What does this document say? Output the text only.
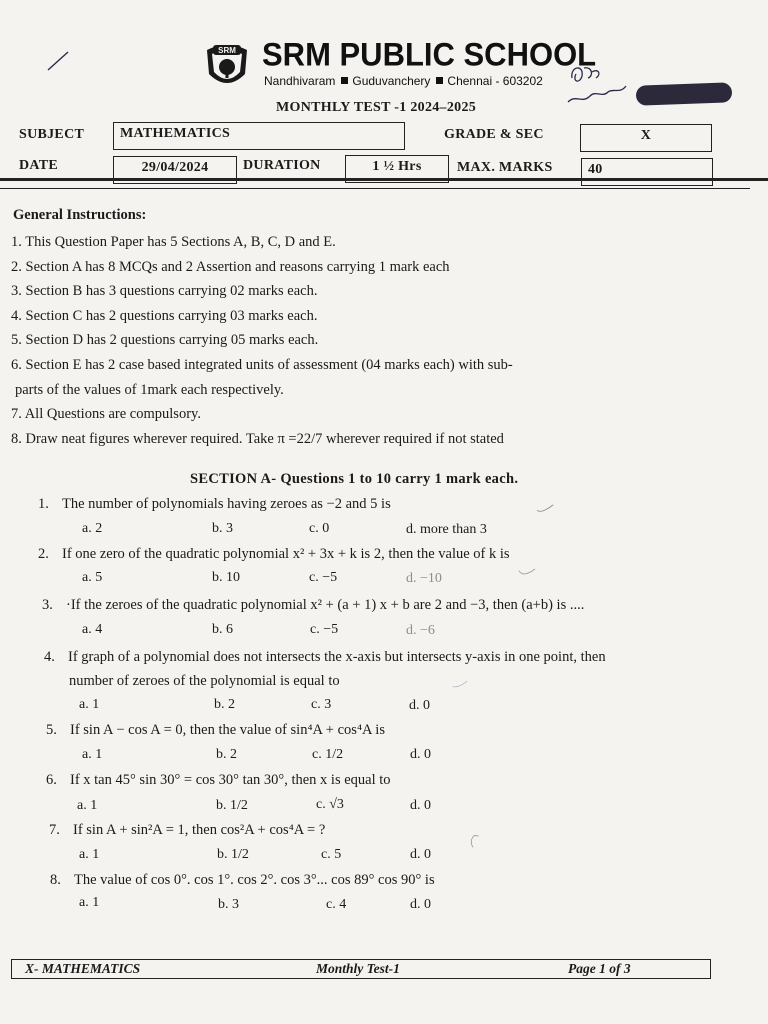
SRM SRM PUBLIC SCHOOL
Nandhivaram Guduvanchery Chennai - 603202
MONTHLY TEST -1 2024–2025
SUBJECT	MATHEMATICS	GRADE & SEC	X
DATE	29/04/2024	DURATION	1 ½ Hrs	MAX. MARKS	40
General Instructions:
1. This Question Paper has 5 Sections A, B, C, D and E.
2. Section A has 8 MCQs and 2 Assertion and reasons carrying 1 mark each
3. Section B has 3 questions carrying 02 marks each.
4. Section C has 2 questions carrying 03 marks each.
5. Section D has 2 questions carrying 05 marks each.
6. Section E has 2 case based integrated units of assessment (04 marks each) with sub-
parts of the values of 1mark each respectively.
7. All Questions are compulsory.
8. Draw neat figures wherever required. Take π =22/7 wherever required if not stated
SECTION A- Questions 1 to 10 carry 1 mark each.
1. The number of polynomials having zeroes as −2 and 5 is
a. 2	b. 3	c. 0	d. more than 3
2. If one zero of the quadratic polynomial x² + 3x + k is 2, then the value of k is
a. 5	b. 10	c. −5	d. −10
3. ·If the zeroes of the quadratic polynomial x² + (a + 1) x + b are 2 and −3, then (a+b) is ....
a. 4	b. 6	c. −5	d. −6
4. If graph of a polynomial does not intersects the x-axis but intersects y-axis in one point, then
number of zeroes of the polynomial is equal to
a. 1	b. 2	c. 3	d. 0
5. If sin A − cos A = 0, then the value of sin⁴A + cos⁴A is
a. 1	b. 2	c. 1/2	d. 0
6. If x tan 45° sin 30° = cos 30° tan 30°, then x is equal to
a. 1	b. 1/2	c. √3	d. 0
7. If sin A + sin²A = 1, then cos²A + cos⁴A = ?
a. 1	b. 1/2	c. 5	d. 0
8. The value of cos 0°. cos 1°. cos 2°. cos 3°... cos 89° cos 90° is
a. 1	b. 3	c. 4	d. 0
X- MATHEMATICS	Monthly Test-1	Page 1 of 3
